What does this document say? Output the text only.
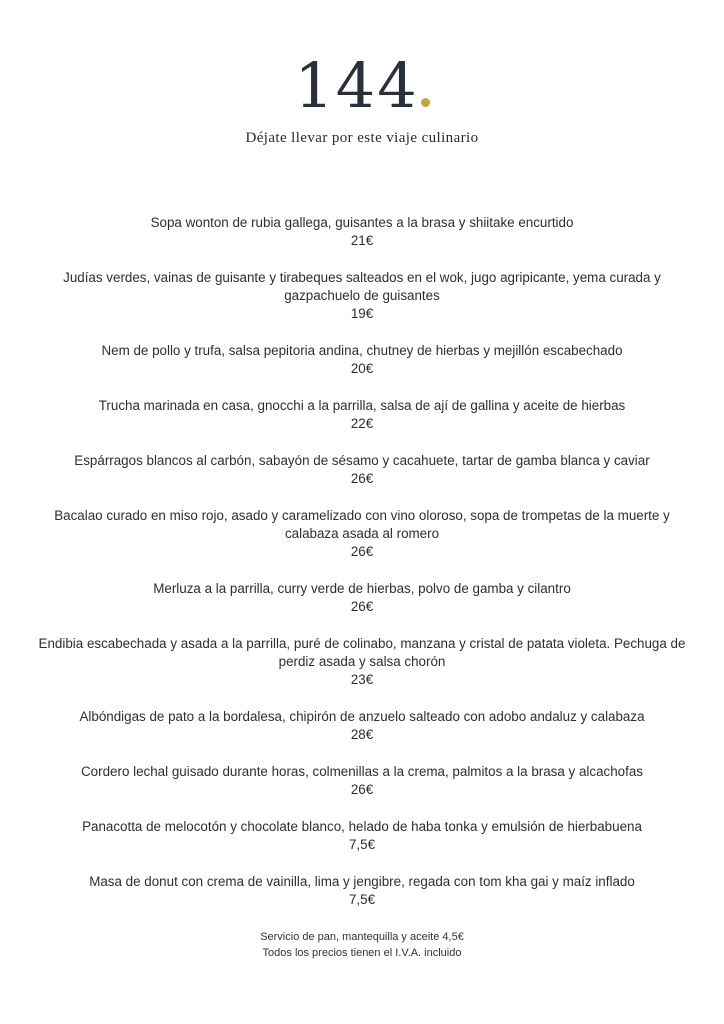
144
Déjate llevar por este viaje culinario
Sopa wonton de rubia gallega, guisantes a la brasa y shiitake encurtido
21€
Judías verdes, vainas de guisante y tirabeques salteados en el wok, jugo agripicante, yema curada y gazpachuelo de guisantes
19€
Nem de pollo y trufa, salsa pepitoria andina, chutney de hierbas y mejillón escabechado
20€
Trucha marinada en casa, gnocchi a la parrilla, salsa de ají de gallina y aceite de hierbas
22€
Espárragos blancos al carbón, sabayón de sésamo y cacahuete, tartar de gamba blanca y caviar
26€
Bacalao curado en miso rojo, asado y caramelizado con vino oloroso, sopa de trompetas de la muerte y calabaza asada al romero
26€
Merluza a la parrilla, curry verde de hierbas, polvo de gamba y cilantro
26€
Endibia escabechada y asada a la parrilla, puré de colinabo, manzana y cristal de patata violeta. Pechuga de perdiz asada y salsa chorón
23€
Albóndigas de pato a la bordalesa, chipirón de anzuelo salteado con adobo andaluz y calabaza
28€
Cordero lechal guisado durante horas, colmenillas a la crema, palmitos a la brasa y alcachofas
26€
Panacotta de melocotón y chocolate blanco, helado de haba tonka y emulsión de hierbabuena
7,5€
Masa de donut con crema de vainilla, lima y jengibre, regada con tom kha gai y maíz inflado
7,5€
Servicio de pan, mantequilla y aceite 4,5€
Todos los precios tienen el I.V.A. incluido
